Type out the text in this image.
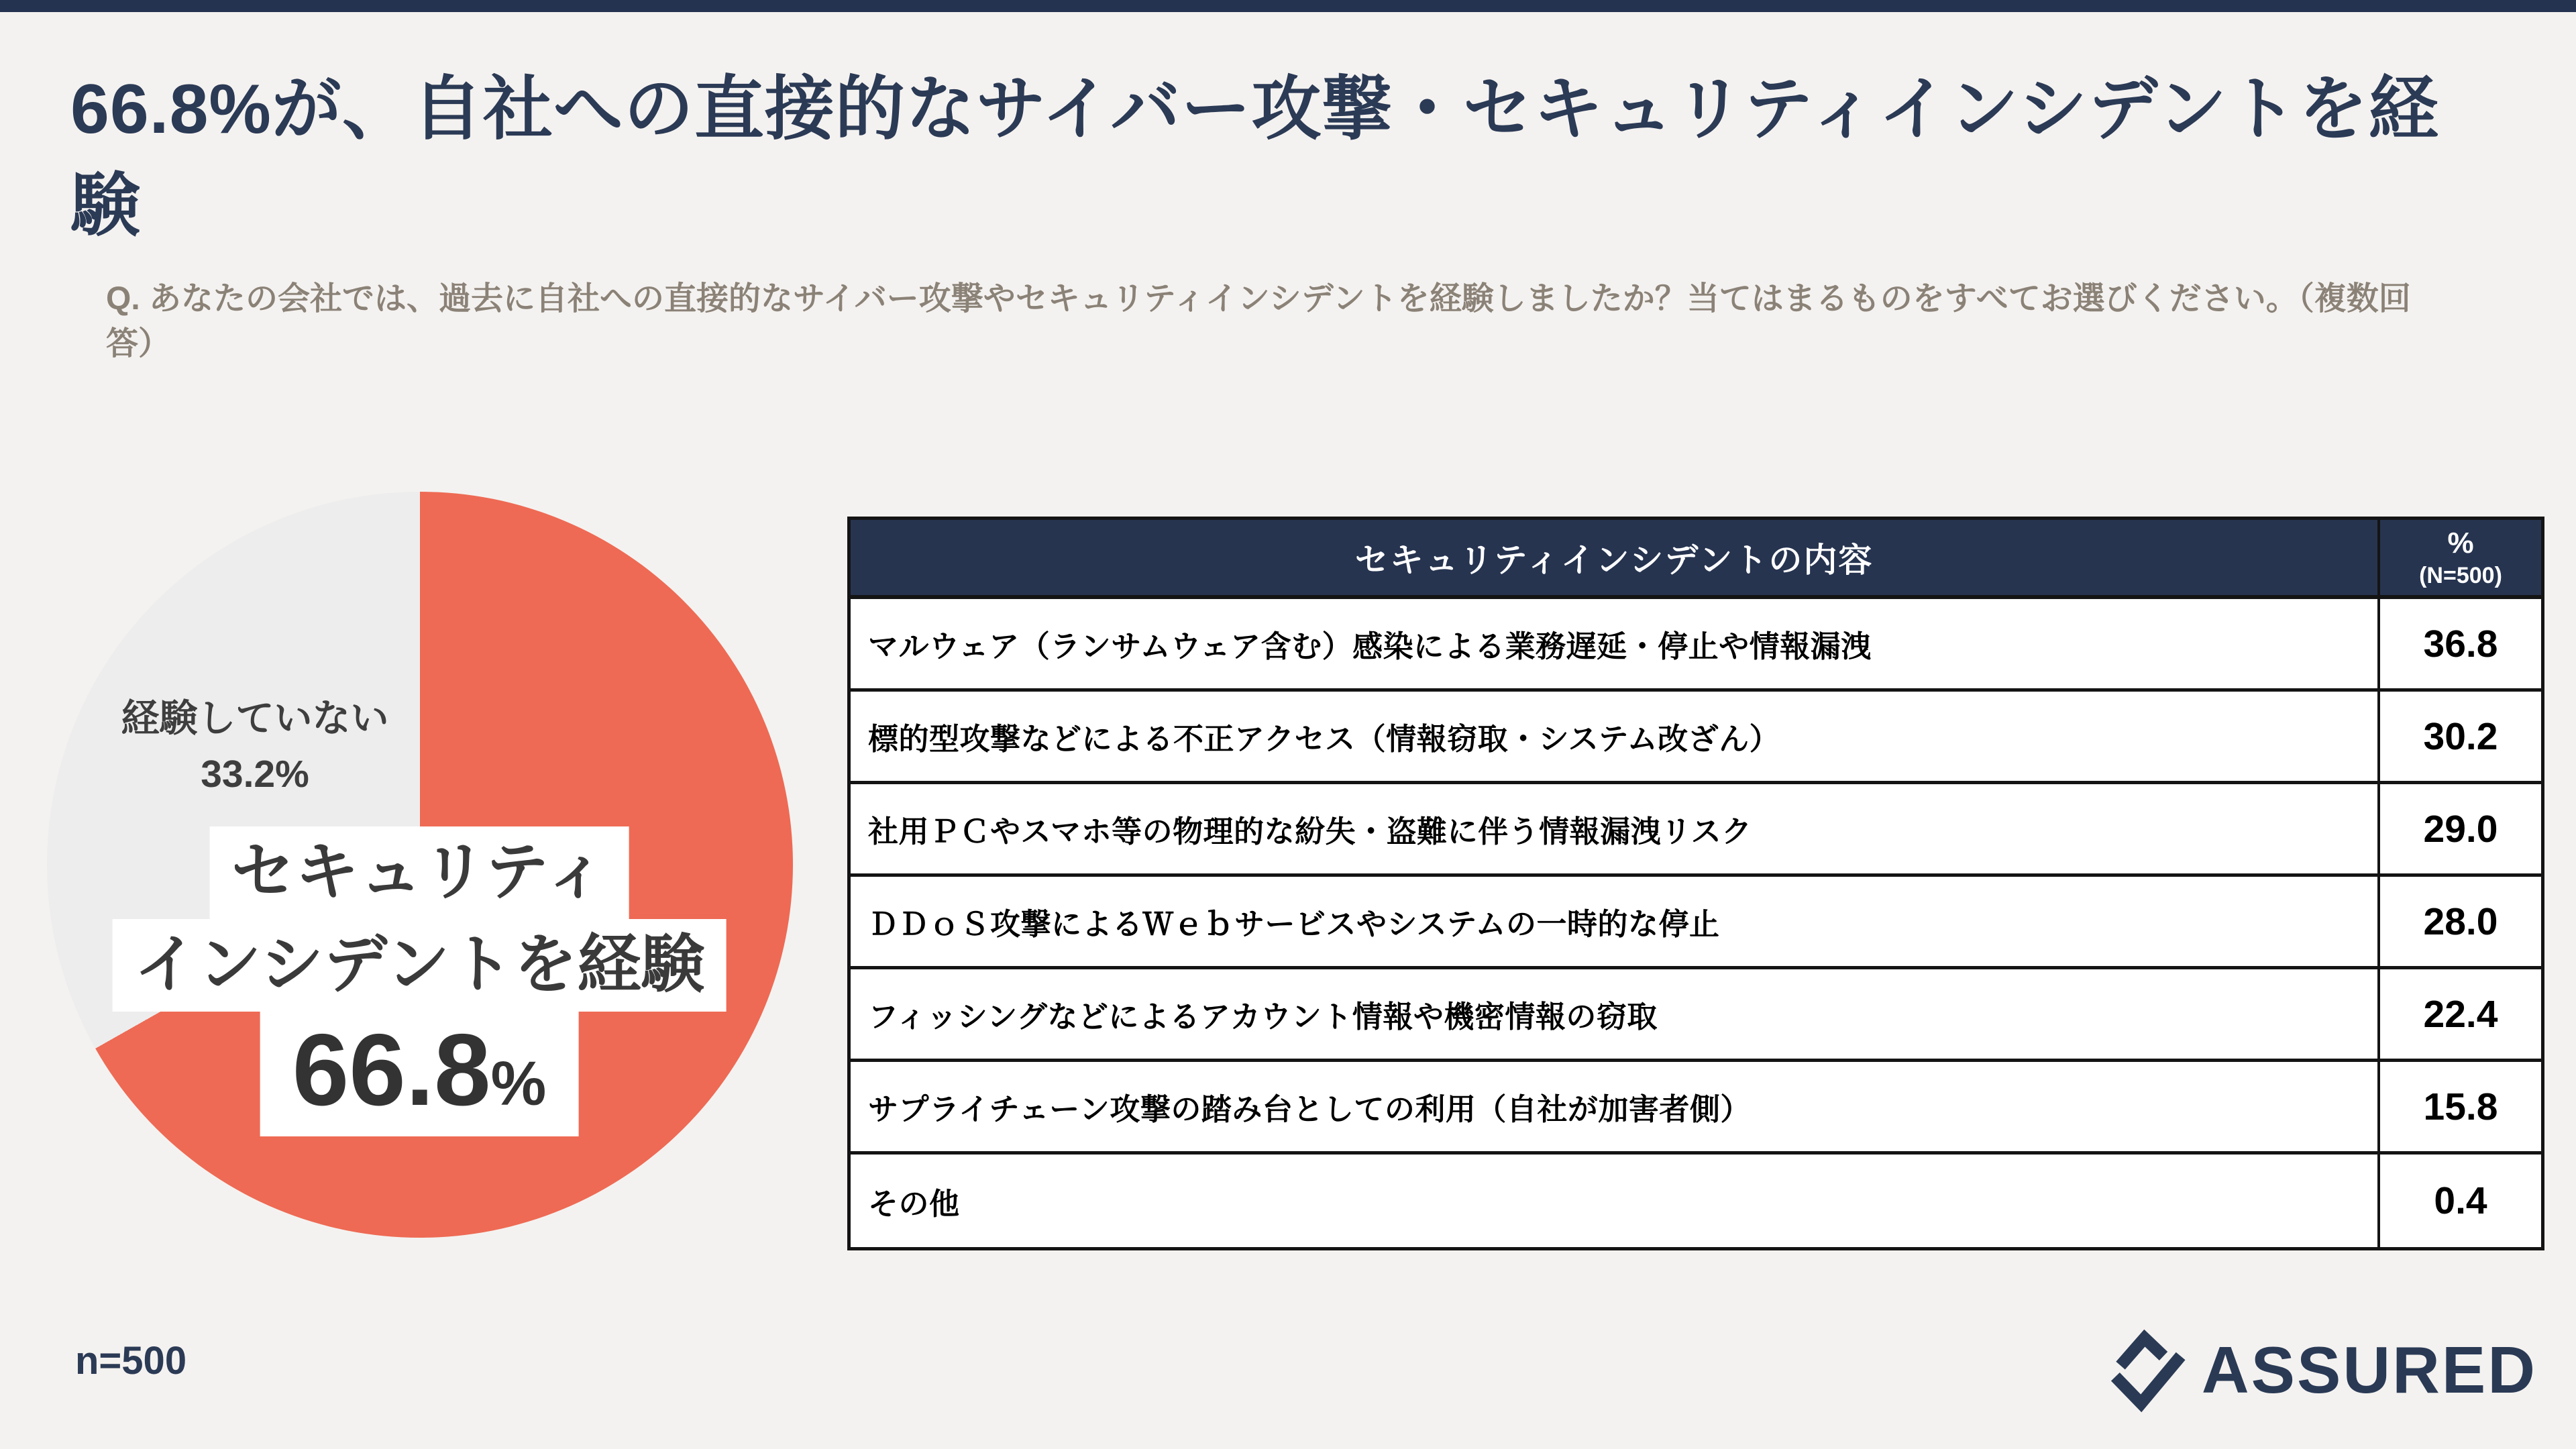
66.8%が、自社への直接的なサイバー攻撃・セキュリティインシデントを経験

Q. あなたの会社では、過去に自社への直接的なサイバー攻撃やセキュリティインシデントを経験しましたか？当てはまるものをすべてお選びください。（複数回答）

経験していない
33.2%
セキュリティ
インシデントを経験
66.8%
セキュリティインシデントの内容	%
(N=500)
マルウェア（ランサムウェア含む）感染による業務遅延・停止や情報漏洩	36.8
標的型攻撃などによる不正アクセス（情報窃取・システム改ざん）	30.2
社用ＰＣやスマホ等の物理的な紛失・盗難に伴う情報漏洩リスク	29.0
ＤＤｏＳ攻撃によるＷｅｂサービスやシステムの一時的な停止	28.0
フィッシングなどによるアカウント情報や機密情報の窃取	22.4
サプライチェーン攻撃の踏み台としての利用（自社が加害者側）	15.8
その他	0.4
n=500	ASSURED
